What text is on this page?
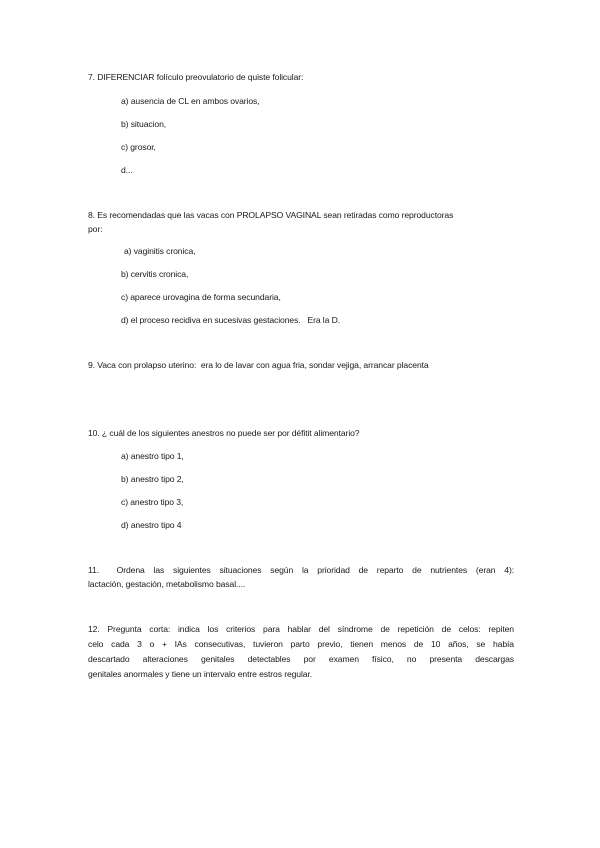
7. DIFERENCIAR folículo preovulatorio de quiste folicular:
a) ausencia de CL en ambos ovarios,
b) situacion,
c) grosor,
d...
8. Es recomendadas que las vacas con PROLAPSO VAGINAL sean retiradas como reproductoras
por:
a) vaginitis cronica,
b) cervitis cronica,
c) aparece urovagina de forma secundaria,
d) el proceso recidiva en sucesivas gestaciones.   Era la D.
9. Vaca con prolapso uterino:  era lo de lavar con agua fria, sondar vejiga, arrancar placenta
10. ¿ cuál de los siguientes anestros no puede ser por défitit alimentario?
a) anestro tipo 1,
b) anestro tipo 2,
c) anestro tipo 3,
d) anestro tipo 4
11.  Ordena las siguientes situaciones según la prioridad de reparto de nutrientes (eran 4):
lactación, gestación, metabolismo basal....
12. Pregunta corta: indica los criterios para hablar del síndrome de repetición de celos: repiten
celo cada 3 o + IAs consecutivas, tuvieron parto previo, tienen menos de 10 años, se había
descartado alteraciones genitales detectables por examen físico, no presenta descargas
genitales anormales y tiene un intervalo entre estros regular.
